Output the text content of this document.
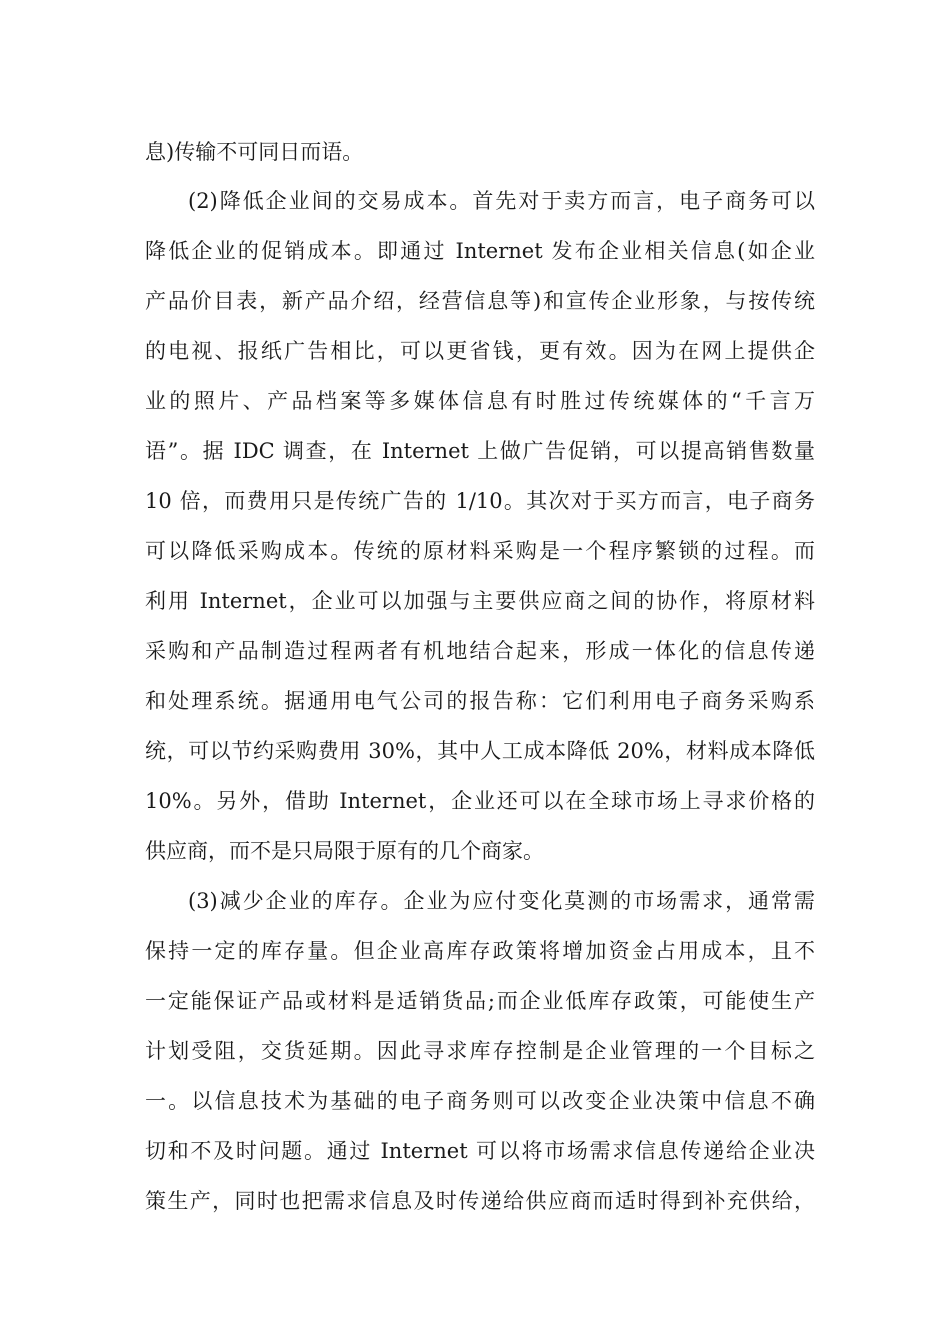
息)传输不可同日而语。
(2)降低企业间的交易成本。首先对于卖方而言，电子商务可以
降低企业的促销成本。即通过 Internet 发布企业相关信息(如企业
产品价目表，新产品介绍，经营信息等)和宣传企业形象，与按传统
的电视、报纸广告相比，可以更省钱，更有效。因为在网上提供企
业的照片、产品档案等多媒体信息有时胜过传统媒体的“千言万
语”。据 IDC 调查，在 Internet 上做广告促销，可以提高销售数量
10 倍，而费用只是传统广告的 1/10。其次对于买方而言，电子商务
可以降低采购成本。传统的原材料采购是一个程序繁锁的过程。而
利用 Internet，企业可以加强与主要供应商之间的协作，将原材料
采购和产品制造过程两者有机地结合起来，形成一体化的信息传递
和处理系统。据通用电气公司的报告称：它们利用电子商务采购系
统，可以节约采购费用 30%，其中人工成本降低 20%，材料成本降低
10%。另外，借助 Internet，企业还可以在全球市场上寻求价格的
供应商，而不是只局限于原有的几个商家。
(3)减少企业的库存。企业为应付变化莫测的市场需求，通常需
保持一定的库存量。但企业高库存政策将增加资金占用成本，且不
一定能保证产品或材料是适销货品;而企业低库存政策，可能使生产
计划受阻，交货延期。因此寻求库存控制是企业管理的一个目标之
一。以信息技术为基础的电子商务则可以改变企业决策中信息不确
切和不及时问题。通过 Internet 可以将市场需求信息传递给企业决
策生产，同时也把需求信息及时传递给供应商而适时得到补充供给，
